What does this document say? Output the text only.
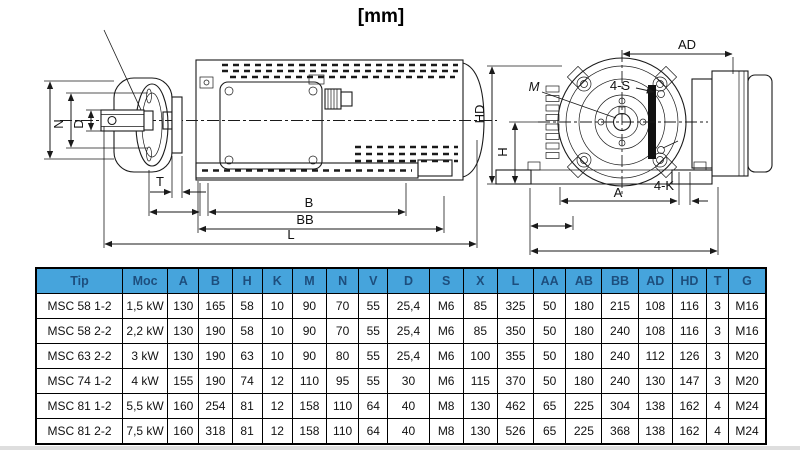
[mm]
N D
T
B
BB
L
M	4-S
HD
H
AD
A 4-K
Tip	Moc	A	B	H	K	M	N	V	D	S	X	L	AA	AB	BB	AD	HD	T	G
MSC 58 1-2	1,5 kW	130	165	58	10	90	70	55	25,4	M6	85	325	50	180	215	108	116	3	M16
MSC 58 2-2	2,2 kW	130	190	58	10	90	70	55	25,4	M6	85	350	50	180	240	108	116	3	M16
MSC 63 2-2	3 kW	130	190	63	10	90	80	55	25,4	M6	100	355	50	180	240	112	126	3	M20
MSC 74 1-2	4 kW	155	190	74	12	110	95	55	30	M6	115	370	50	180	240	130	147	3	M20
MSC 81 1-2	5,5 kW	160	254	81	12	158	110	64	40	M8	130	462	65	225	304	138	162	4	M24
MSC 81 2-2	7,5 kW	160	318	81	12	158	110	64	40	M8	130	526	65	225	368	138	162	4	M24
